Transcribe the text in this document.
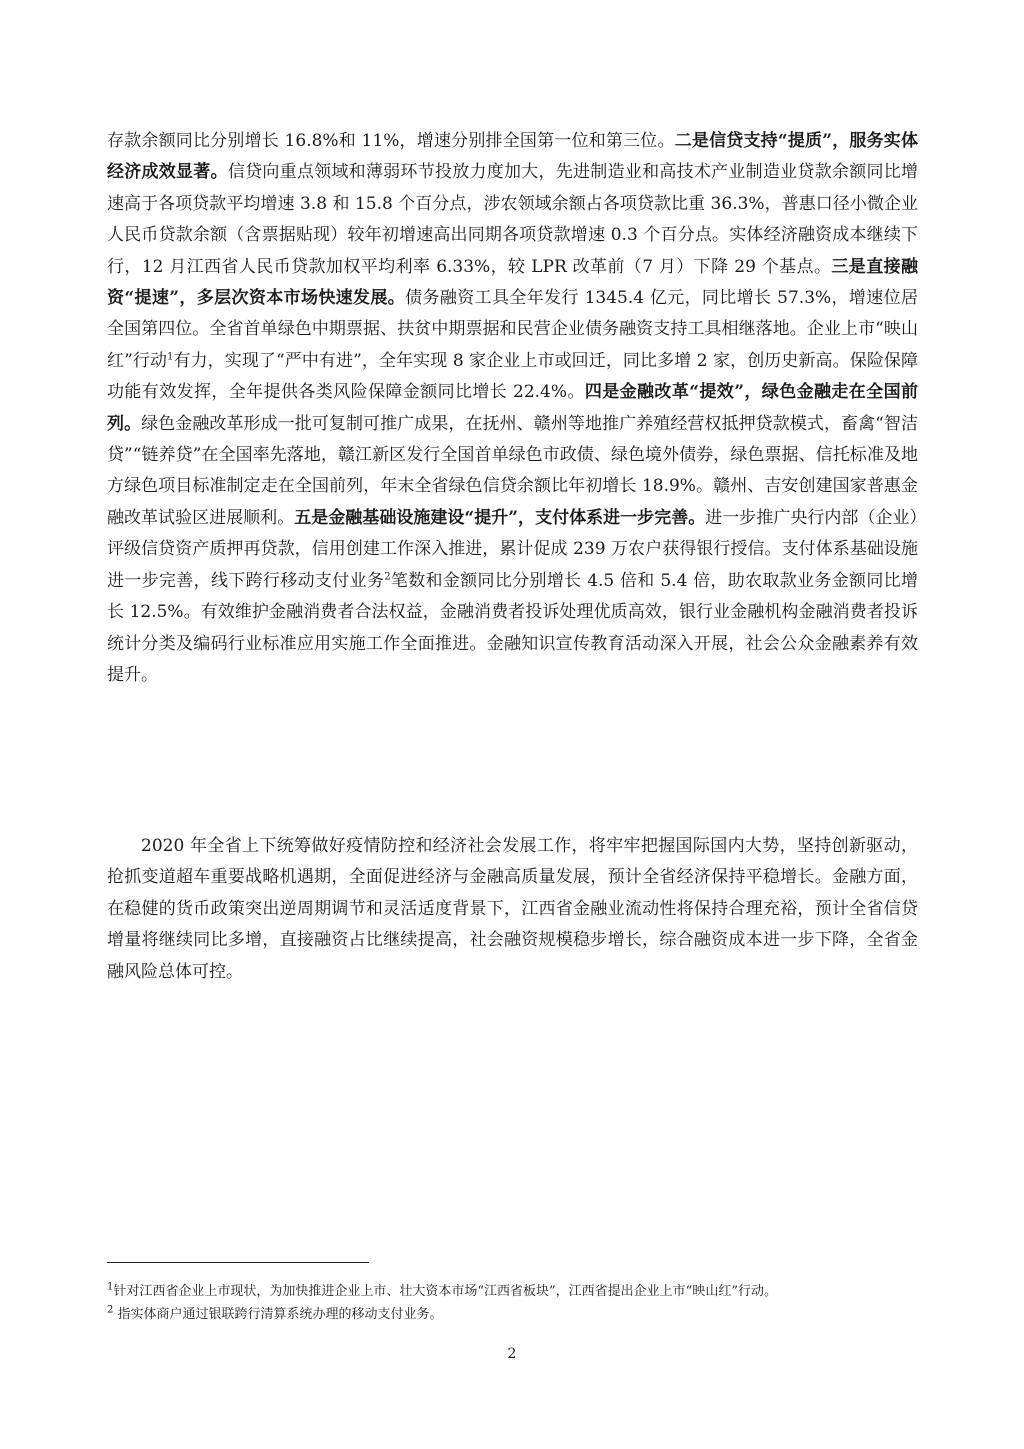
存款余额同比分别增长 16.8%和 11%，增速分别排全国第一位和第三位。二是信贷支持“提质”，服务实体经济成效显著。信贷向重点领域和薄弱环节投放力度加大，先进制造业和高技术产业制造业贷款余额同比增速高于各项贷款平均增速 3.8 和 15.8 个百分点，涉农领域余额占各项贷款比重 36.3%，普惠口径小微企业人民币贷款余额（含票据贴现）较年初增速高出同期各项贷款增速 0.3 个百分点。实体经济融资成本继续下行，12 月江西省人民币贷款加权平均利率 6.33%，较 LPR 改革前（7 月）下降 29 个基点。三是直接融资“提速”，多层次资本市场快速发展。债务融资工具全年发行 1345.4 亿元，同比增长 57.3%，增速位居全国第四位。全省首单绿色中期票据、扶贫中期票据和民营企业债务融资支持工具相继落地。企业上市“映山红”行动$^1$有力，实现了“严中有进”，全年实现 8 家企业上市或回迁，同比多增 2 家，创历史新高。保险保障功能有效发挥，全年提供各类风险保障金额同比增长 22.4%。四是金融改革“提效”，绿色金融走在全国前列。绿色金融改革形成一批可复制可推广成果，在抚州、赣州等地推广养殖经营权抵押贷款模式，畜禽“智洁贷”“链养贷”在全国率先落地，赣江新区发行全国首单绿色市政债、绿色境外债券，绿色票据、信托标准及地方绿色项目标准制定走在全国前列，年末全省绿色信贷余额比年初增长 18.9%。赣州、吉安创建国家普惠金融改革试验区进展顺利。五是金融基础设施建设“提升”，支付体系进一步完善。进一步推广央行内部（企业）评级信贷资产质押再贷款，信用创建工作深入推进，累计促成 239 万农户获得银行授信。支付体系基础设施进一步完善，线下跨行移动支付业务$^2$笔数和金额同比分别增长 4.5 倍和 5.4 倍，助农取款业务金额同比增长 12.5%。有效维护金融消费者合法权益，金融消费者投诉处理优质高效，银行业金融机构金融消费者投诉统计分类及编码行业标准应用实施工作全面推进。金融知识宣传教育活动深入开展，社会公众金融素养有效提升。

2020 年全省上下统筹做好疫情防控和经济社会发展工作，将牢牢把握国际国内大势，坚持创新驱动，抢抓变道超车重要战略机遇期，全面促进经济与金融高质量发展，预计全省经济保持平稳增长。金融方面，在稳健的货币政策突出逆周期调节和灵活适度背景下，江西省金融业流动性将保持合理充裕，预计全省信贷增量将继续同比多增，直接融资占比继续提高，社会融资规模稳步增长，综合融资成本进一步下降，全省金融风险总体可控。

$^1$针对江西省企业上市现状，为加快推进企业上市、壮大资本市场“江西省板块”，江西省提出企业上市“映山红”行动。
$^2$ 指实体商户通过银联跨行清算系统办理的移动支付业务。
2
